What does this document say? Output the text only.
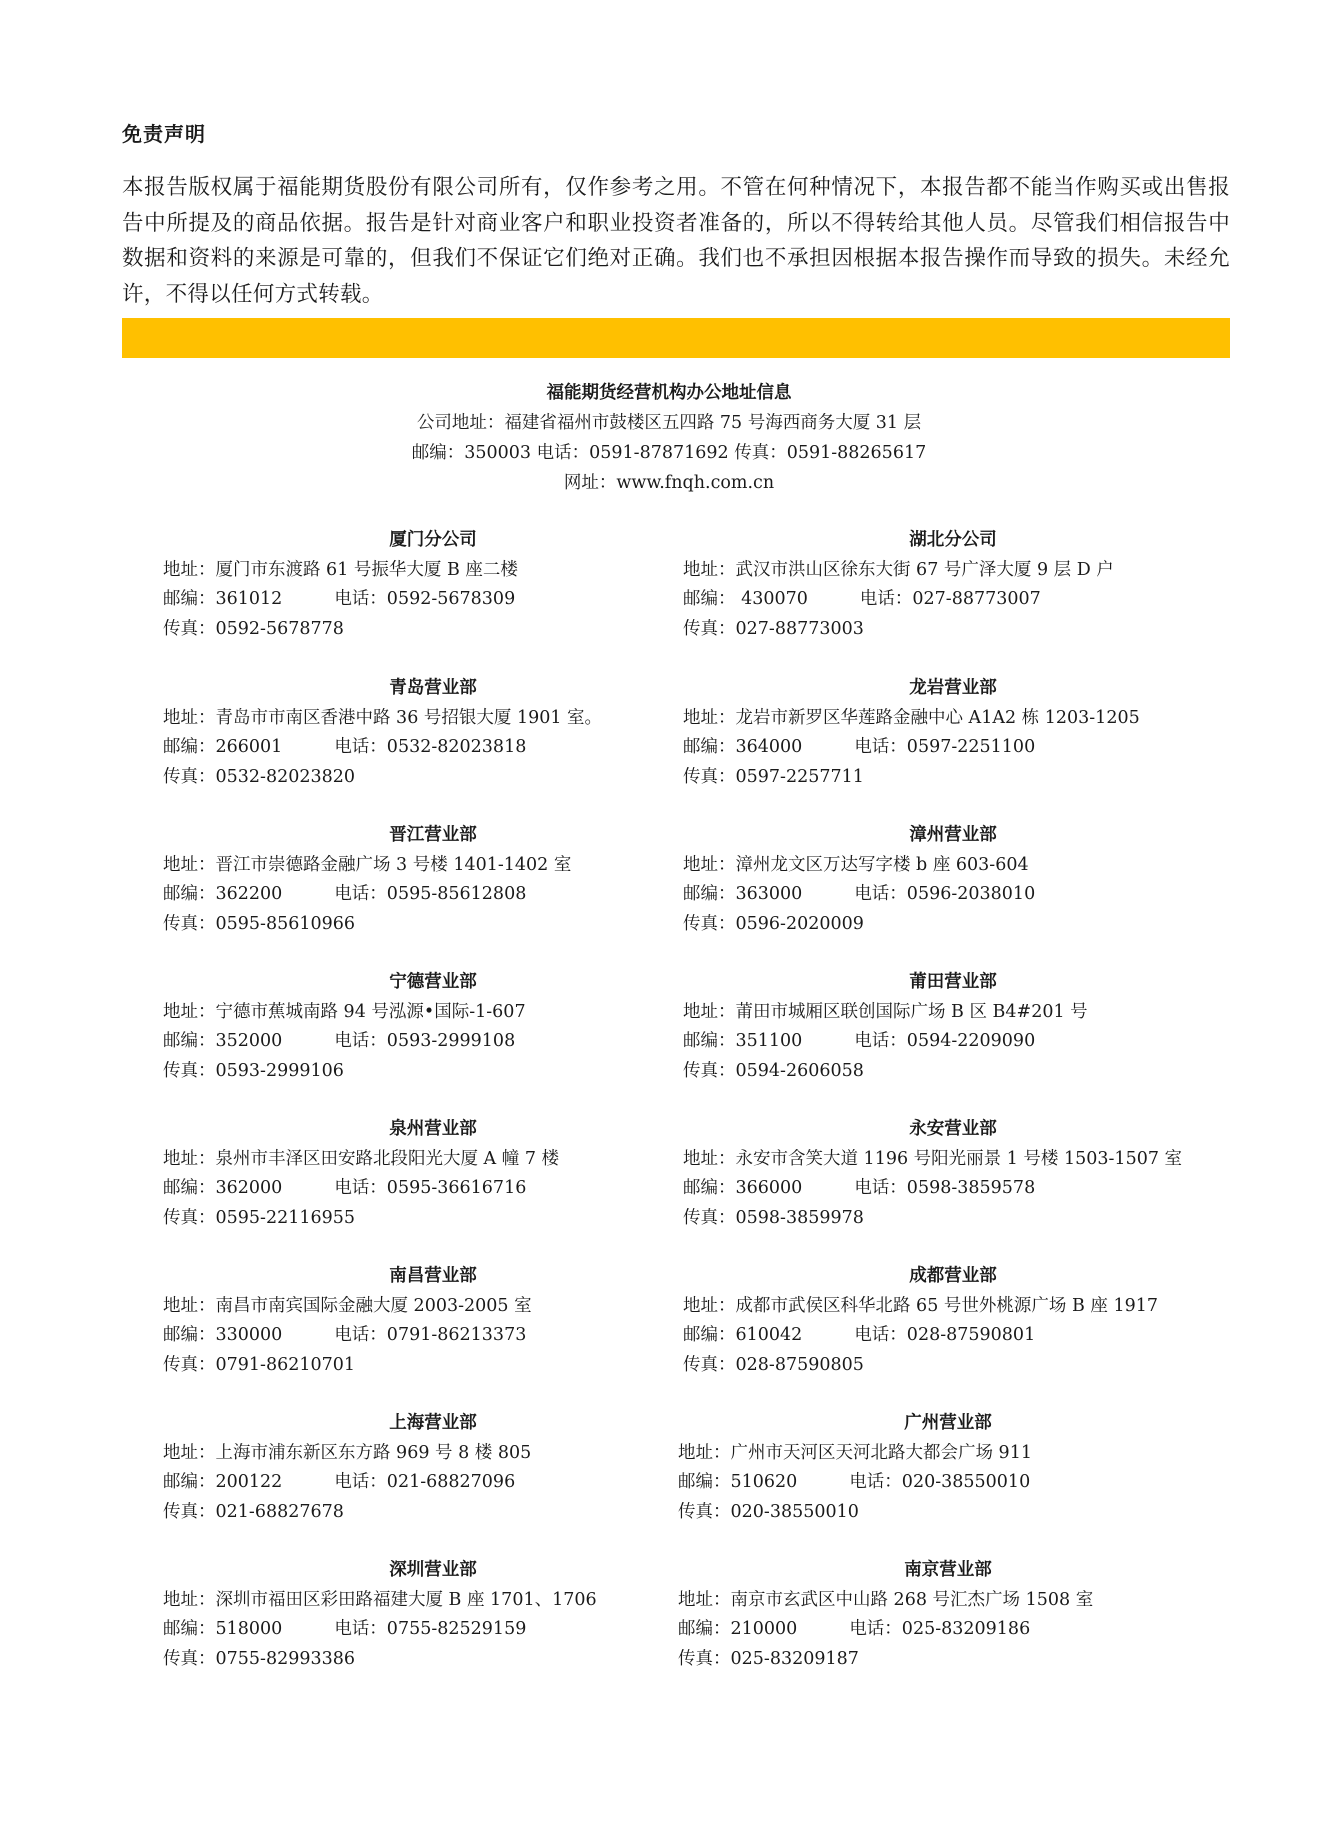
免责声明
本报告版权属于福能期货股份有限公司所有，仅作参考之用。不管在何种情况下，本报告都不能当作购买或出售报告中所提及的商品依据。报告是针对商业客户和职业投资者准备的，所以不得转给其他人员。尽管我们相信报告中数据和资料的来源是可靠的，但我们不保证它们绝对正确。我们也不承担因根据本报告操作而导致的损失。未经允许，不得以任何方式转载。
福能期货经营机构办公地址信息
公司地址：福建省福州市鼓楼区五四路 75 号海西商务大厦 31 层
邮编：350003 电话：0591-87871692 传真：0591-88265617
网址：www.fnqh.com.cn
厦门分公司
地址：厦门市东渡路 61 号振华大厦 B 座二楼
邮编：361012	电话：0592-5678309
传真：0592-5678778
湖北分公司
地址：武汉市洪山区徐东大街 67 号广泽大厦 9 层 D 户
邮编： 430070	电话：027-88773007
传真：027-88773003
青岛营业部
地址：青岛市市南区香港中路 36 号招银大厦 1901 室。
邮编：266001	电话：0532-82023818
传真：0532-82023820
龙岩营业部
地址：龙岩市新罗区华莲路金融中心 A1A2 栋 1203-1205
邮编：364000	电话：0597-2251100
传真：0597-2257711
晋江营业部
地址：晋江市崇德路金融广场 3 号楼 1401-1402 室
邮编：362200	电话：0595-85612808
传真：0595-85610966
漳州营业部
地址：漳州龙文区万达写字楼 b 座 603-604
邮编：363000	电话：0596-2038010
传真：0596-2020009
宁德营业部
地址：宁德市蕉城南路 94 号泓源•国际-1-607
邮编：352000	电话：0593-2999108
传真：0593-2999106
莆田营业部
地址：莆田市城厢区联创国际广场 B 区 B4#201 号
邮编：351100	电话：0594-2209090
传真：0594-2606058
泉州营业部
地址：泉州市丰泽区田安路北段阳光大厦 A 幢 7 楼
邮编：362000	电话：0595-36616716
传真：0595-22116955
永安营业部
地址：永安市含笑大道 1196 号阳光丽景 1 号楼 1503-1507 室
邮编：366000	电话：0598-3859578
传真：0598-3859978
南昌营业部
地址：南昌市南宾国际金融大厦 2003-2005 室
邮编：330000	电话：0791-86213373
传真：0791-86210701
成都营业部
地址：成都市武侯区科华北路 65 号世外桃源广场 B 座 1917
邮编：610042	电话：028-87590801
传真：028-87590805
上海营业部
地址：上海市浦东新区东方路 969 号 8 楼 805
邮编：200122	电话：021-68827096
传真：021-68827678
广州营业部
地址：广州市天河区天河北路大都会广场 911
邮编：510620	电话：020-38550010
传真：020-38550010
深圳营业部
地址：深圳市福田区彩田路福建大厦 B 座 1701、1706
邮编：518000	电话：0755-82529159
传真：0755-82993386
南京营业部
地址：南京市玄武区中山路 268 号汇杰广场 1508 室
邮编：210000	电话：025-83209186
传真：025-83209187
